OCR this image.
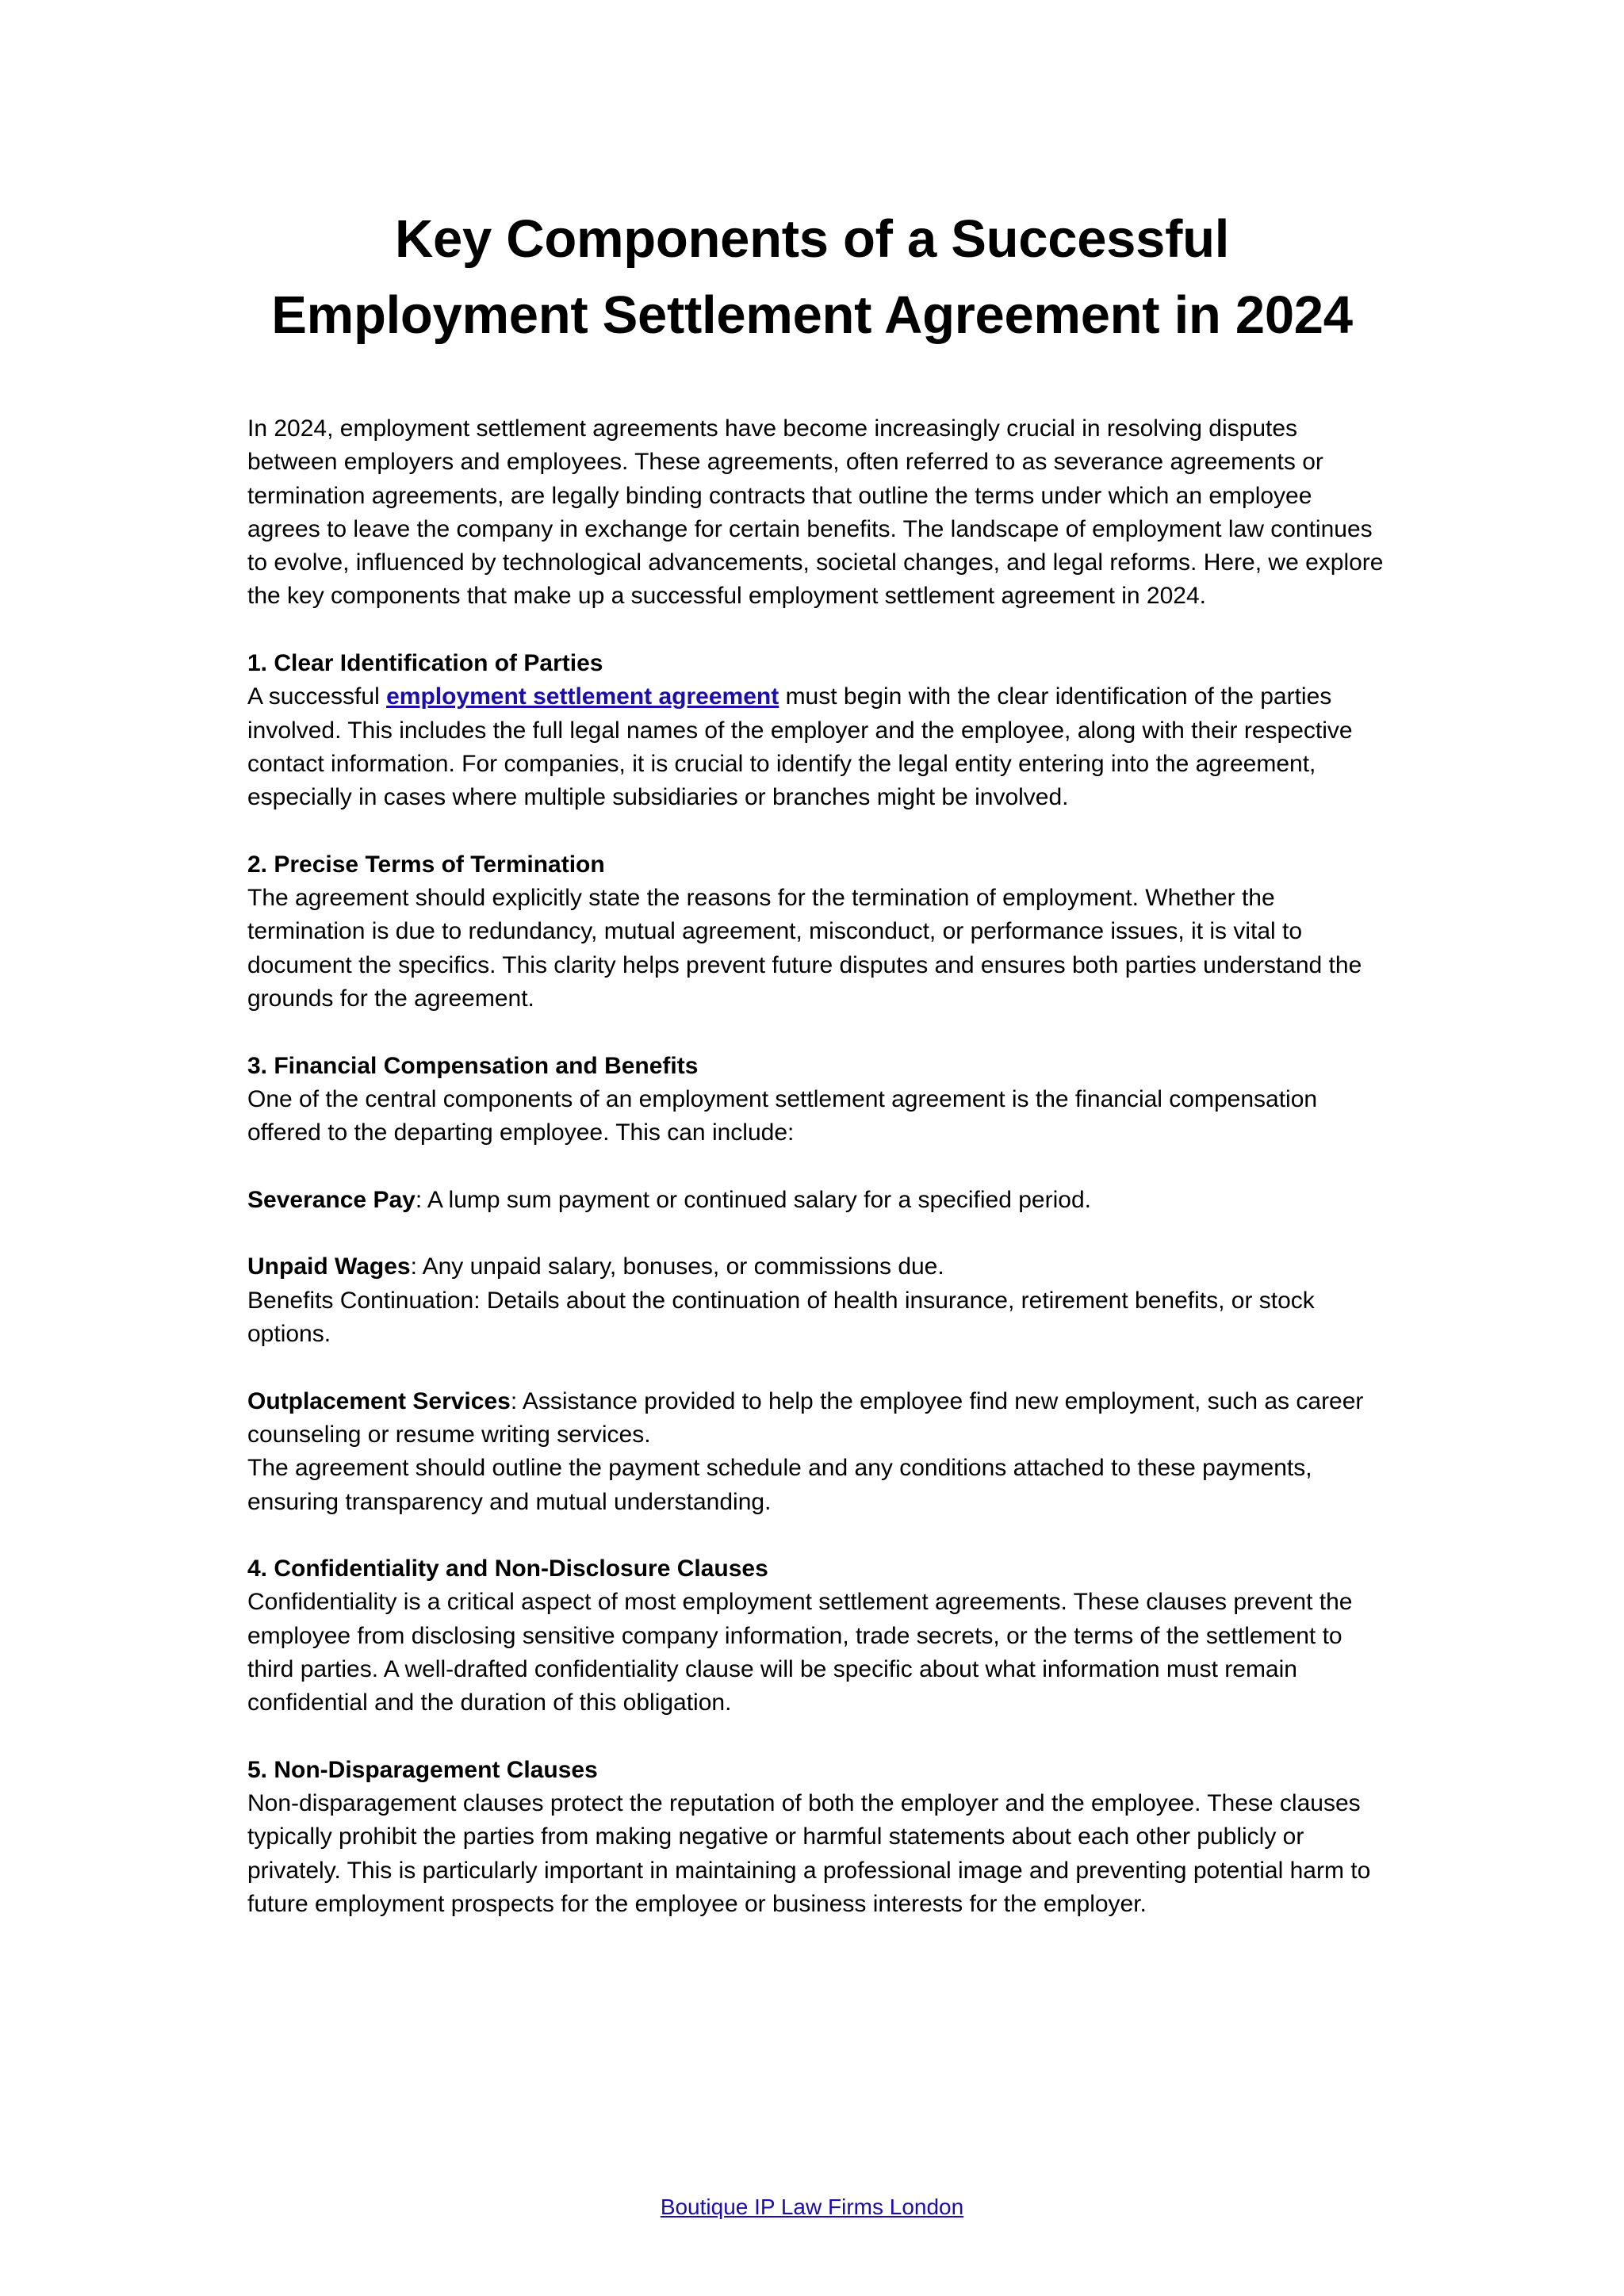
Key Components of a Successful Employment Settlement Agreement in 2024

In 2024, employment settlement agreements have become increasingly crucial in resolving disputes between employers and employees. These agreements, often referred to as severance agreements or termination agreements, are legally binding contracts that outline the terms under which an employee agrees to leave the company in exchange for certain benefits. The landscape of employment law continues to evolve, influenced by technological advancements, societal changes, and legal reforms. Here, we explore the key components that make up a successful employment settlement agreement in 2024.

1. Clear Identification of Parties
A successful employment settlement agreement must begin with the clear identification of the parties involved. This includes the full legal names of the employer and the employee, along with their respective contact information. For companies, it is crucial to identify the legal entity entering into the agreement, especially in cases where multiple subsidiaries or branches might be involved.

2. Precise Terms of Termination
The agreement should explicitly state the reasons for the termination of employment. Whether the termination is due to redundancy, mutual agreement, misconduct, or performance issues, it is vital to document the specifics. This clarity helps prevent future disputes and ensures both parties understand the grounds for the agreement.

3. Financial Compensation and Benefits
One of the central components of an employment settlement agreement is the financial compensation offered to the departing employee. This can include:

Severance Pay: A lump sum payment or continued salary for a specified period.

Unpaid Wages: Any unpaid salary, bonuses, or commissions due.

Benefits Continuation: Details about the continuation of health insurance, retirement benefits, or stock options.

Outplacement Services: Assistance provided to help the employee find new employment, such as career counseling or resume writing services.

The agreement should outline the payment schedule and any conditions attached to these payments, ensuring transparency and mutual understanding.

4. Confidentiality and Non-Disclosure Clauses
Confidentiality is a critical aspect of most employment settlement agreements. These clauses prevent the employee from disclosing sensitive company information, trade secrets, or the terms of the settlement to third parties. A well-drafted confidentiality clause will be specific about what information must remain confidential and the duration of this obligation.

5. Non-Disparagement Clauses
Non-disparagement clauses protect the reputation of both the employer and the employee. These clauses typically prohibit the parties from making negative or harmful statements about each other publicly or privately. This is particularly important in maintaining a professional image and preventing potential harm to future employment prospects for the employee or business interests for the employer.

Boutique IP Law Firms London
